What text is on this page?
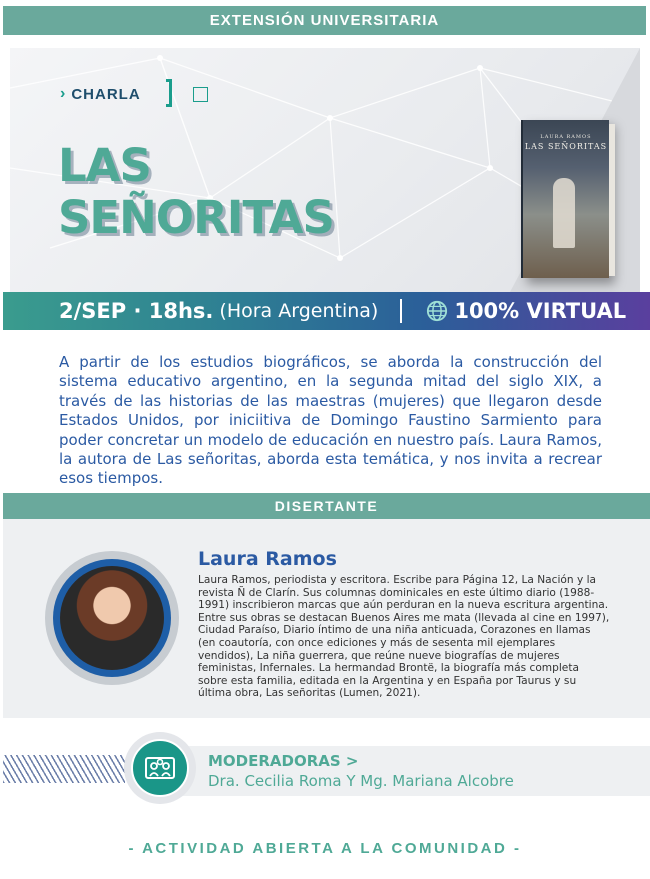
EXTENSIÓN UNIVERSITARIA
› CHARLA
LAS
SEÑORITAS
LAURA RAMOS
LAS SEÑORITAS
2/SEP · 18hs. (Hora Argentina)	100% VIRTUAL

A partir de los estudios biográficos, se aborda la construcción del sistema educativo argentino, en la segunda mitad del siglo XIX, a través de las historias de las maestras (mujeres) que llegaron desde Estados Unidos, por iniciitiva de Domingo Faustino Sarmiento para poder concretar un modelo de educación en nuestro país. Laura Ramos, la autora de Las señoritas, aborda esta temática, y nos invita a recrear esos tiempos.

DISERTANTE
Laura Ramos
Laura Ramos, periodista y escritora. Escribe para Página 12, La Nación y la revista Ñ de Clarín. Sus columnas dominicales en este último diario (1988-1991) inscribieron marcas que aún perduran en la nueva escritura argentina. Entre sus obras se destacan Buenos Aires me mata (llevada al cine en 1997), Ciudad Paraíso, Diario íntimo de una niña anticuada, Corazones en llamas (en coautoría, con once ediciones y más de sesenta mil ejemplares vendidos), La niña guerrera, que reúne nueve biografías de mujeres feministas, Infernales. La hermandad Brontë, la biografía más completa sobre esta familia, editada en la Argentina y en España por Taurus y su última obra, Las señoritas (Lumen, 2021).
MODERADORAS >
Dra. Cecilia Roma Y Mg. Mariana Alcobre
- ACTIVIDAD ABIERTA A LA COMUNIDAD -
